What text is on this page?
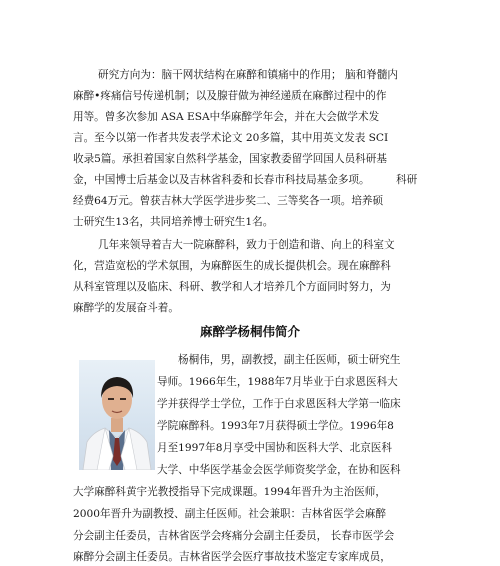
研究方向为：脑干网状结构在麻醉和镇痛中的作用； 脑和脊髓内
麻醉•疼痛信号传递机制；以及腺苷做为神经递质在麻醉过程中的作
用等。曾多次参加 ASA ESA中华麻醉学年会，并在大会做学术发
言。至今以第一作者共发表学术论文 20多篇，其中用英文发表 SCI
收录5篇。承担着国家自然科学基金，国家教委留学回国人员科研基
金，中国博士后基金以及吉林省科委和长春市科技局基金多项。 科研
经费64万元。曾获吉林大学医学进步奖二、三等奖各一项。培养硕
士研究生13名，共同培养博士研究生1名。
几年来领导着吉大一院麻醉科，致力于创造和谐、向上的科室文
化，营造宽松的学术氛围，为麻醉医生的成长提供机会。现在麻醉科
从科室管理以及临床、科研、教学和人才培养几个方面同时努力，为
麻醉学的发展奋斗着。
麻醉学杨桐伟简介
杨桐伟，男，副教授，副主任医师，硕士研究生
导师。1966年生，1988年7月毕业于白求恩医科大
学并获得学士学位，工作于白求恩医科大学第一临床
学院麻醉科。1993年7月获得硕士学位。1996年8
月至1997年8月享受中国协和医科大学、北京医科
大学、中华医学基金会医学师资奖学金，在协和医科
大学麻醉科黄宇光教授指导下完成课题。1994年晋升为主治医师，
2000年晋升为副教授、副主任医师。社会兼职：吉林省医学会麻醉
分会副主任委员，吉林省医学会疼痛分会副主任委员， 长春市医学会
麻醉分会副主任委员。吉林省医学会医疗事故技术鉴定专家库成员，
